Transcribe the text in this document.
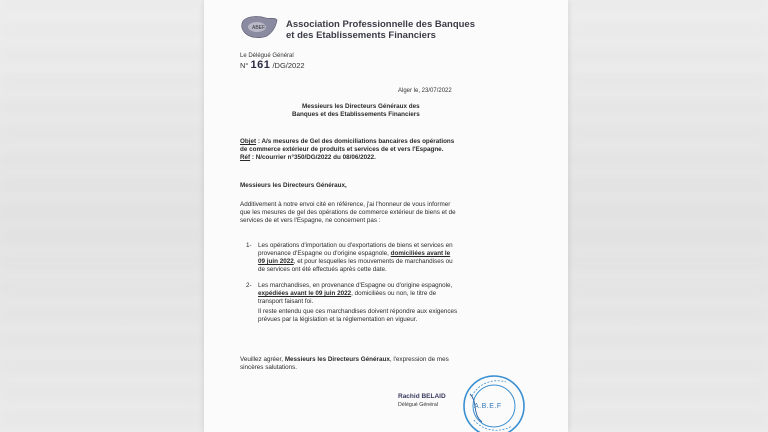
ABEF Association Professionnelle des Banques
et des Etablissements Financiers
Le Délégué Général
N° 161 /DG/2022
Alger le, 23/07/2022
Messieurs les Directeurs Généraux des
Banques et des Etablissements Financiers
Objet : A/s mesures de Gel des domiciliations bancaires des opérations
de commerce extérieur de produits et services de et vers l'Espagne.
Réf : N/courrier n°350/DG/2022 du 08/06/2022.
Messieurs les Directeurs Généraux,
Additivement à notre envoi cité en référence, j'ai l'honneur de vous informer
que les mesures de gel des opérations de commerce extérieur de biens et de
services de et vers l'Espagne, ne concernent pas :
1- Les opérations d'importation ou d'exportations de biens et services en
provenance d'Espagne ou d'origine espagnole, domiciliées avant le
09 juin 2022, et pour lesquelles les mouvements de marchandises ou
de services ont été effectués après cette date.
2- Les marchandises, en provenance d'Espagne ou d'origine espagnole,
expédiées avant le 09 juin 2022, domiciliées ou non, le titre de
transport faisant foi.
Il reste entendu que ces marchandises doivent répondre aux exigences
prévues par la législation et la réglementation en vigueur.
Veuillez agréer, Messieurs les Directeurs Généraux, l'expression de mes
sincères salutations.
Rachid BELAID
Délégué Général	A.B.E.F
